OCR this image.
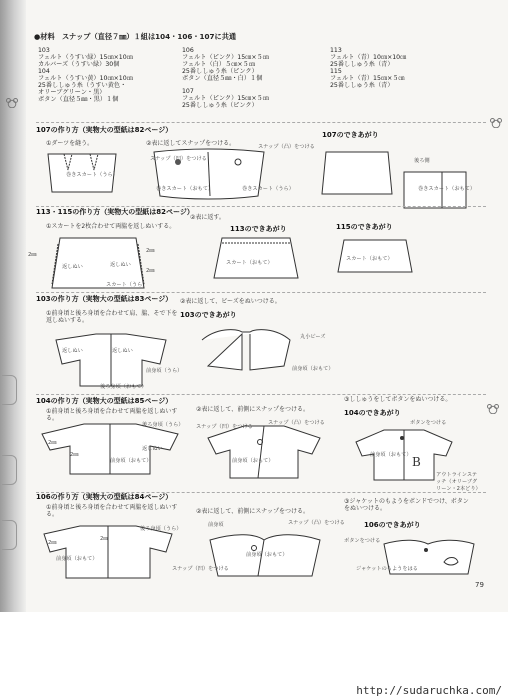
●材料 スナップ（直径７㎜）１組は104・106・107に共通
103
フェルト（うすい緑）15㎝×10㎝
カルバーズ（うすい緑）30個
104
フェルト（うすい黄）10㎝×10㎝
25番ししゅう糸（うすい黄色・
オリーブグリーン・黒）
ボタン（直径５㎜・黒）１個
106
フェルト（ピンク）15㎝×５㎝
フェルト（白）５㎝×５㎝
25番ししゅう糸（ピンク）
ボタン（直径５㎜・白）１個
107
フェルト（ピンク）15㎝×５㎝
25番ししゅう糸（ピンク）
113
フェルト（青）10㎝×10㎝
25番ししゅう糸（青）
115
フェルト（青）15㎝×５㎝
25番ししゅう糸（青）
107の作り方（実物大の型紙は82ページ）
①ダーツを縫う。	②表に返してスナップをつける。
107のできあがり
巻きスカート（うら）
スナップ（凹）をつける
スナップ（凸）をつける
巻きスカート（おもて）	巻きスカート（うら）
後ろ側
巻きスカート（おもて）
113・115の作り方（実物大の型紙は82ページ）
①スカートを2枚合わせて両脇を返しぬいする。
②表に返す。
113のできあがり	115のできあがり
2㎜
2㎜
返しぬい	返しぬい
2㎜
スカート（うら）
スカート（おもて）
スカート（おもて）
103の作り方（実物大の型紙は83ページ） ②表に返して、ビーズをぬいつける。
103のできあがり
①前身頃と後ろ身頃を合わせて肩、脇、そで下を返しぬいする。
返しぬい	返しぬい
前身頃（うら）
後ろ身頃（おもて）
丸小ビーズ
前身頃（おもて）
104の作り方（実物大の型紙は85ページ）
①前身頃と後ろ身頃を合わせて両脇を返しぬいする。
②表に返して、前側にスナップをつける。
③ししゅうをしてボタンをぬいつける。
104のできあがり
後ろ身頃（うら）
2㎜
2㎜
前身頃（おもて）
返しぬい
スナップ（凹）をつける
スナップ（凸）をつける
前身頃（おもて）	B
ボタンをつける
前身頃（おもて）
アウトラインステッチ（オリーブグリーン・2本どり）
106の作り方（実物大の型紙は84ページ）
①前身頃と後ろ身頃を合わせて両脇を返しぬいする。	②表に返して、前側にスナップをつける。
③ジャケットのもようをボンドでつけ、ボタンをぬいつける。
106のできあがり
後ろ身頃（うら）
2㎜
2㎜
前身頃（おもて）
前身頃	スナップ（凸）をつける
スナップ（凹）をつける
前身頃（おもて）
ボタンをつける
ジャケットのもようをはる
79
http://sudaruchka.com/
